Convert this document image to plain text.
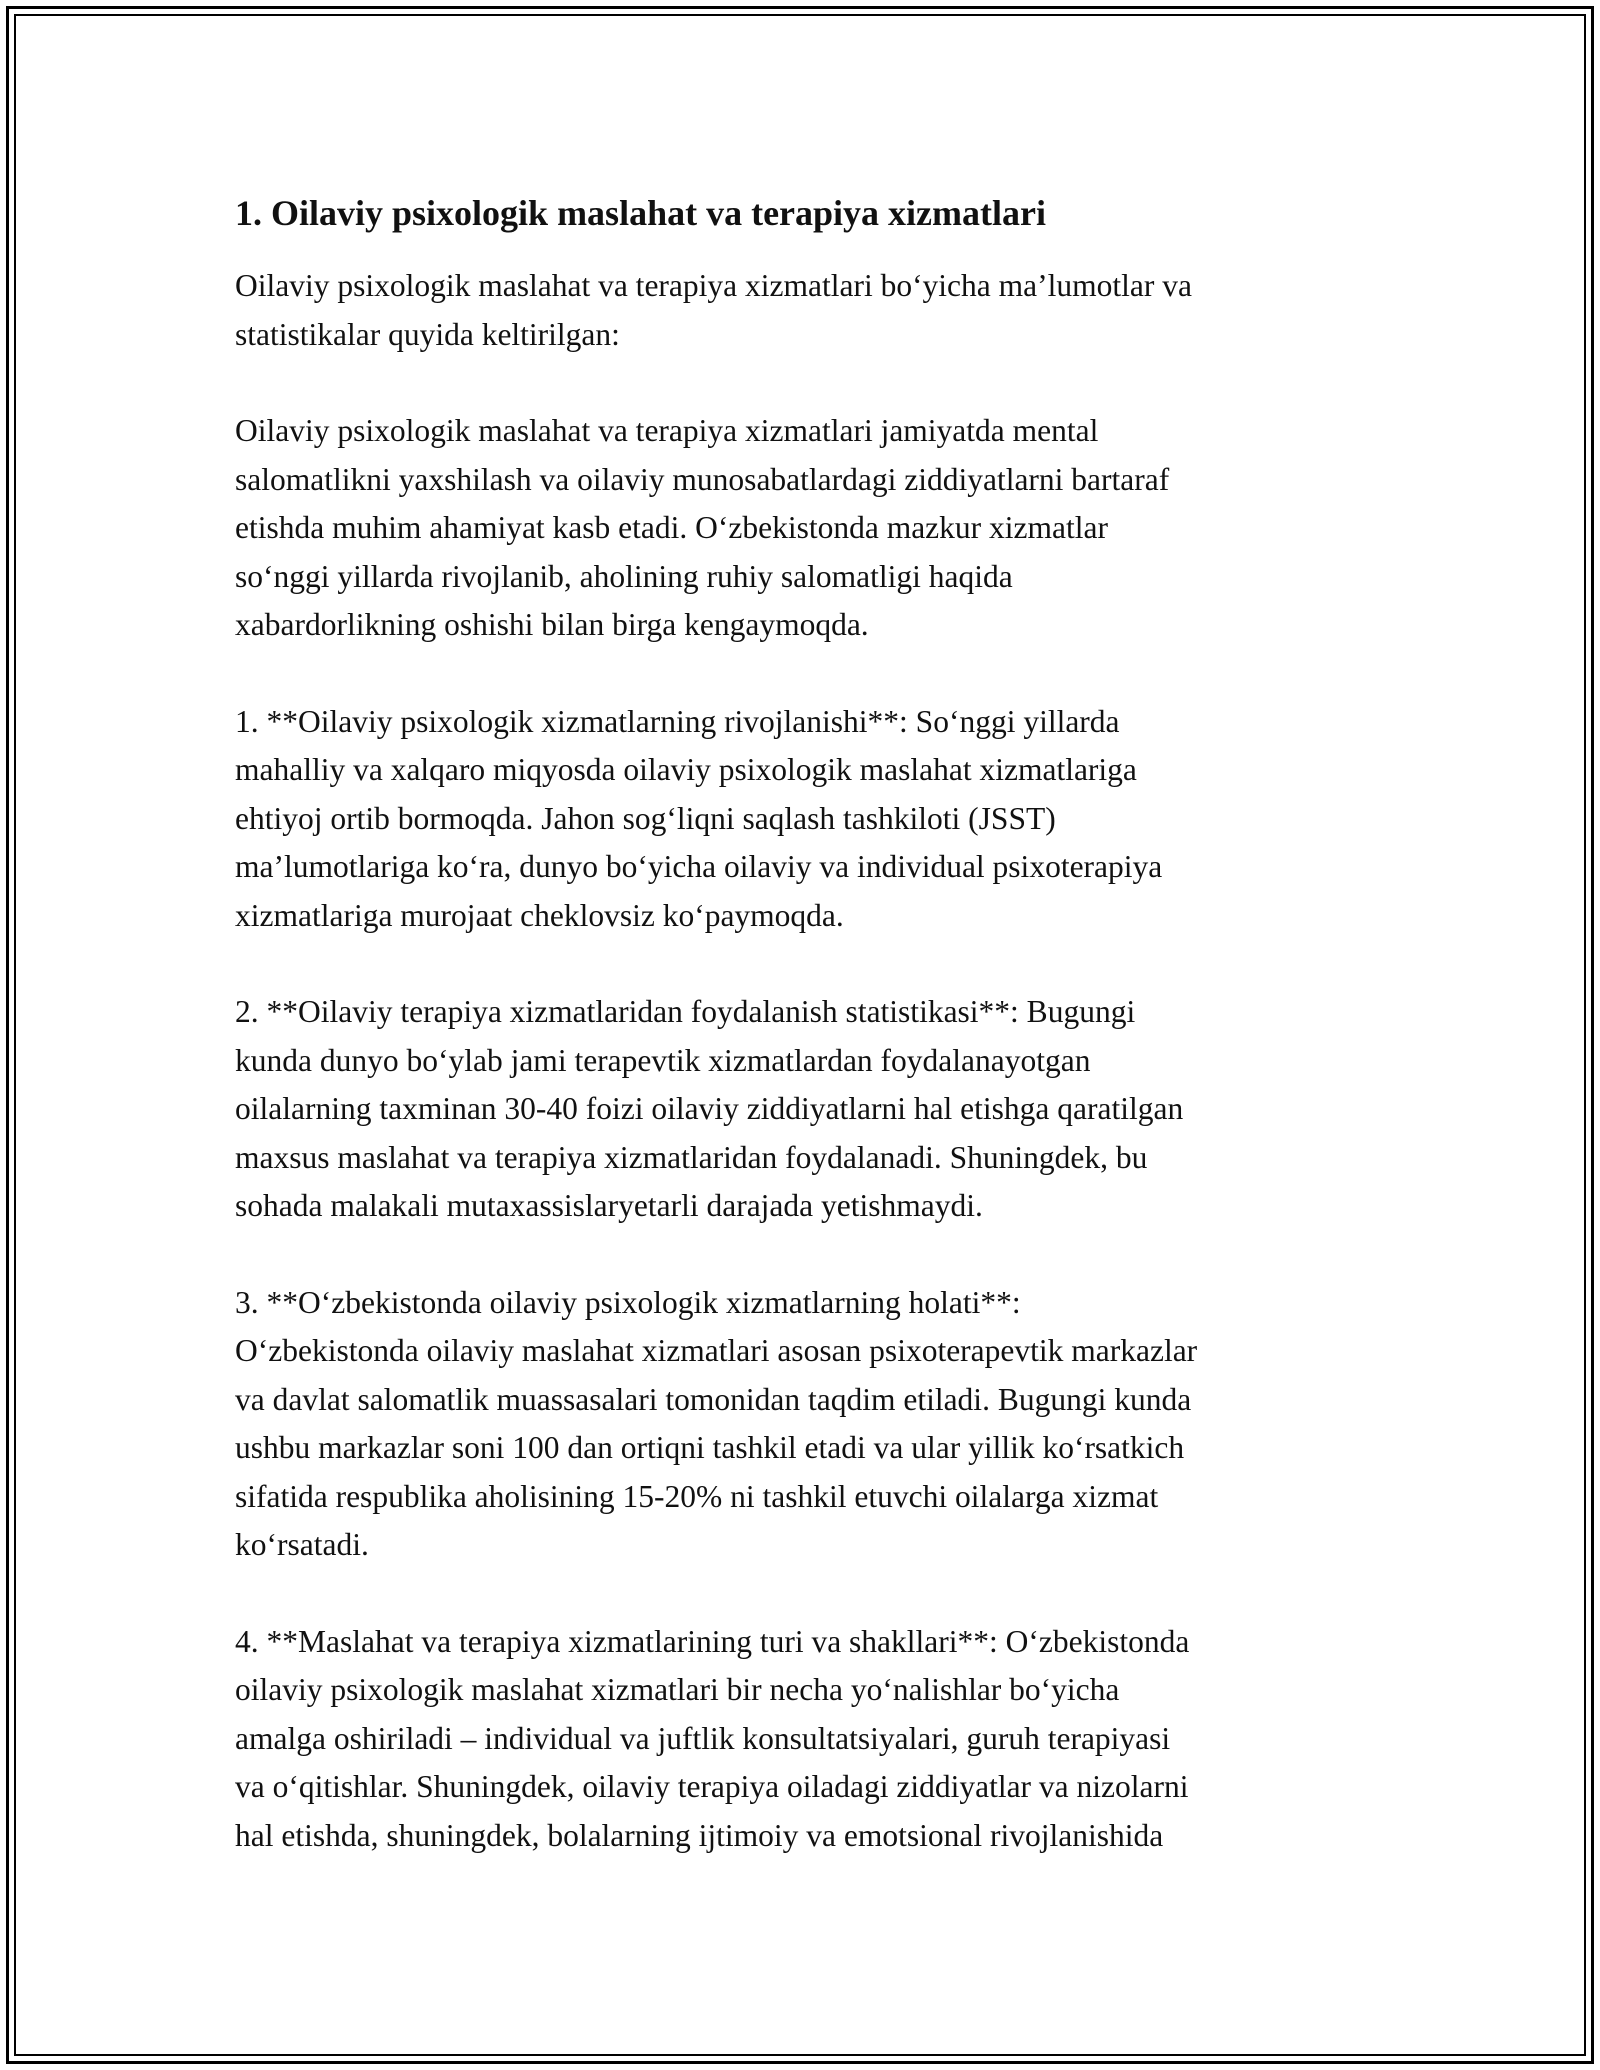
1. Oilaviy psixologik maslahat va terapiya xizmatlari

Oilaviy psixologik maslahat va terapiya xizmatlari bo‘yicha ma’lumotlar va
statistikalar quyida keltirilgan:

Oilaviy psixologik maslahat va terapiya xizmatlari jamiyatda mental
salomatlikni yaxshilash va oilaviy munosabatlardagi ziddiyatlarni bartaraf
etishda muhim ahamiyat kasb etadi. O‘zbekistonda mazkur xizmatlar
so‘nggi yillarda rivojlanib, aholining ruhiy salomatligi haqida
xabardorlikning oshishi bilan birga kengaymoqda.

1. **Oilaviy psixologik xizmatlarning rivojlanishi**: So‘nggi yillarda
mahalliy va xalqaro miqyosda oilaviy psixologik maslahat xizmatlariga
ehtiyoj ortib bormoqda. Jahon sog‘liqni saqlash tashkiloti (JSST)
ma’lumotlariga ko‘ra, dunyo bo‘yicha oilaviy va individual psixoterapiya
xizmatlariga murojaat cheklovsiz ko‘paymoqda.

2. **Oilaviy terapiya xizmatlaridan foydalanish statistikasi**: Bugungi
kunda dunyo bo‘ylab jami terapevtik xizmatlardan foydalanayotgan
oilalarning taxminan 30-40 foizi oilaviy ziddiyatlarni hal etishga qaratilgan
maxsus maslahat va terapiya xizmatlaridan foydalanadi. Shuningdek, bu
sohada malakali mutaxassislaryetarli darajada yetishmaydi.

3. **O‘zbekistonda oilaviy psixologik xizmatlarning holati**:
O‘zbekistonda oilaviy maslahat xizmatlari asosan psixoterapevtik markazlar
va davlat salomatlik muassasalari tomonidan taqdim etiladi. Bugungi kunda
ushbu markazlar soni 100 dan ortiqni tashkil etadi va ular yillik ko‘rsatkich
sifatida respublika aholisining 15-20% ni tashkil etuvchi oilalarga xizmat
ko‘rsatadi.

4. **Maslahat va terapiya xizmatlarining turi va shakllari**: O‘zbekistonda
oilaviy psixologik maslahat xizmatlari bir necha yo‘nalishlar bo‘yicha
amalga oshiriladi – individual va juftlik konsultatsiyalari, guruh terapiyasi
va o‘qitishlar. Shuningdek, oilaviy terapiya oiladagi ziddiyatlar va nizolarni
hal etishda, shuningdek, bolalarning ijtimoiy va emotsional rivojlanishida
